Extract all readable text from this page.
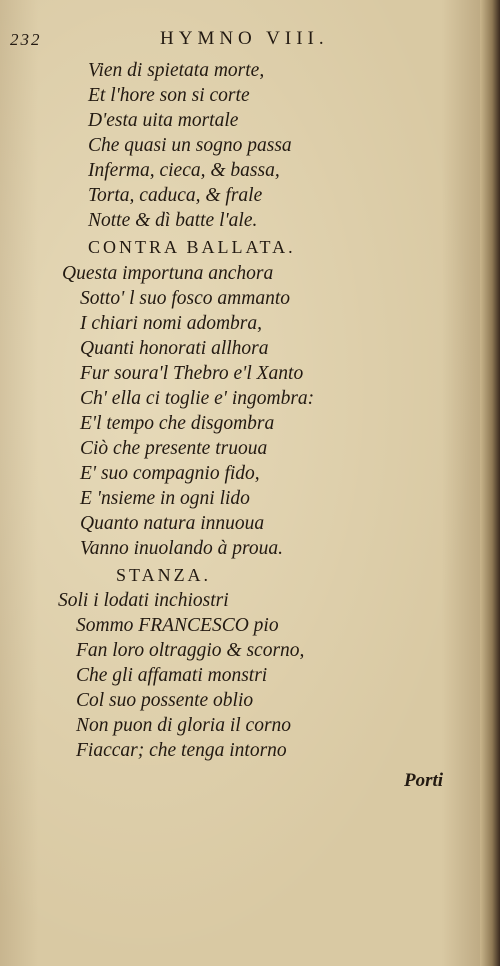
232	HYMNO VIII.
Vien di spietata morte,
Et l'hore son si corte
D'esta uita mortale
Che quasi un sogno passa
Inferma, cieca, & bassa,
Torta, caduca, & frale
Notte & dì batte l'ale.
CONTRA BALLATA.
Questa importuna anchora
Sotto' l suo fosco ammanto
I chiari nomi adombra,
Quanti honorati allhora
Fur soura'l Thebro e'l Xanto
Ch' ella ci toglie e' ingombra:
E'l tempo che disgombra
Ciò che presente truoua
E' suo compagnio fido,
E 'nsieme in ogni lido
Quanto natura innuoua
Vanno inuolando à proua.
STANZA.
Soli i lodati inchiostri
Sommo FRANCESCO pio
Fan loro oltraggio & scorno,
Che gli affamati monstri
Col suo possente oblio
Non puon di gloria il corno
Fiaccar; che tenga intorno
Porti
